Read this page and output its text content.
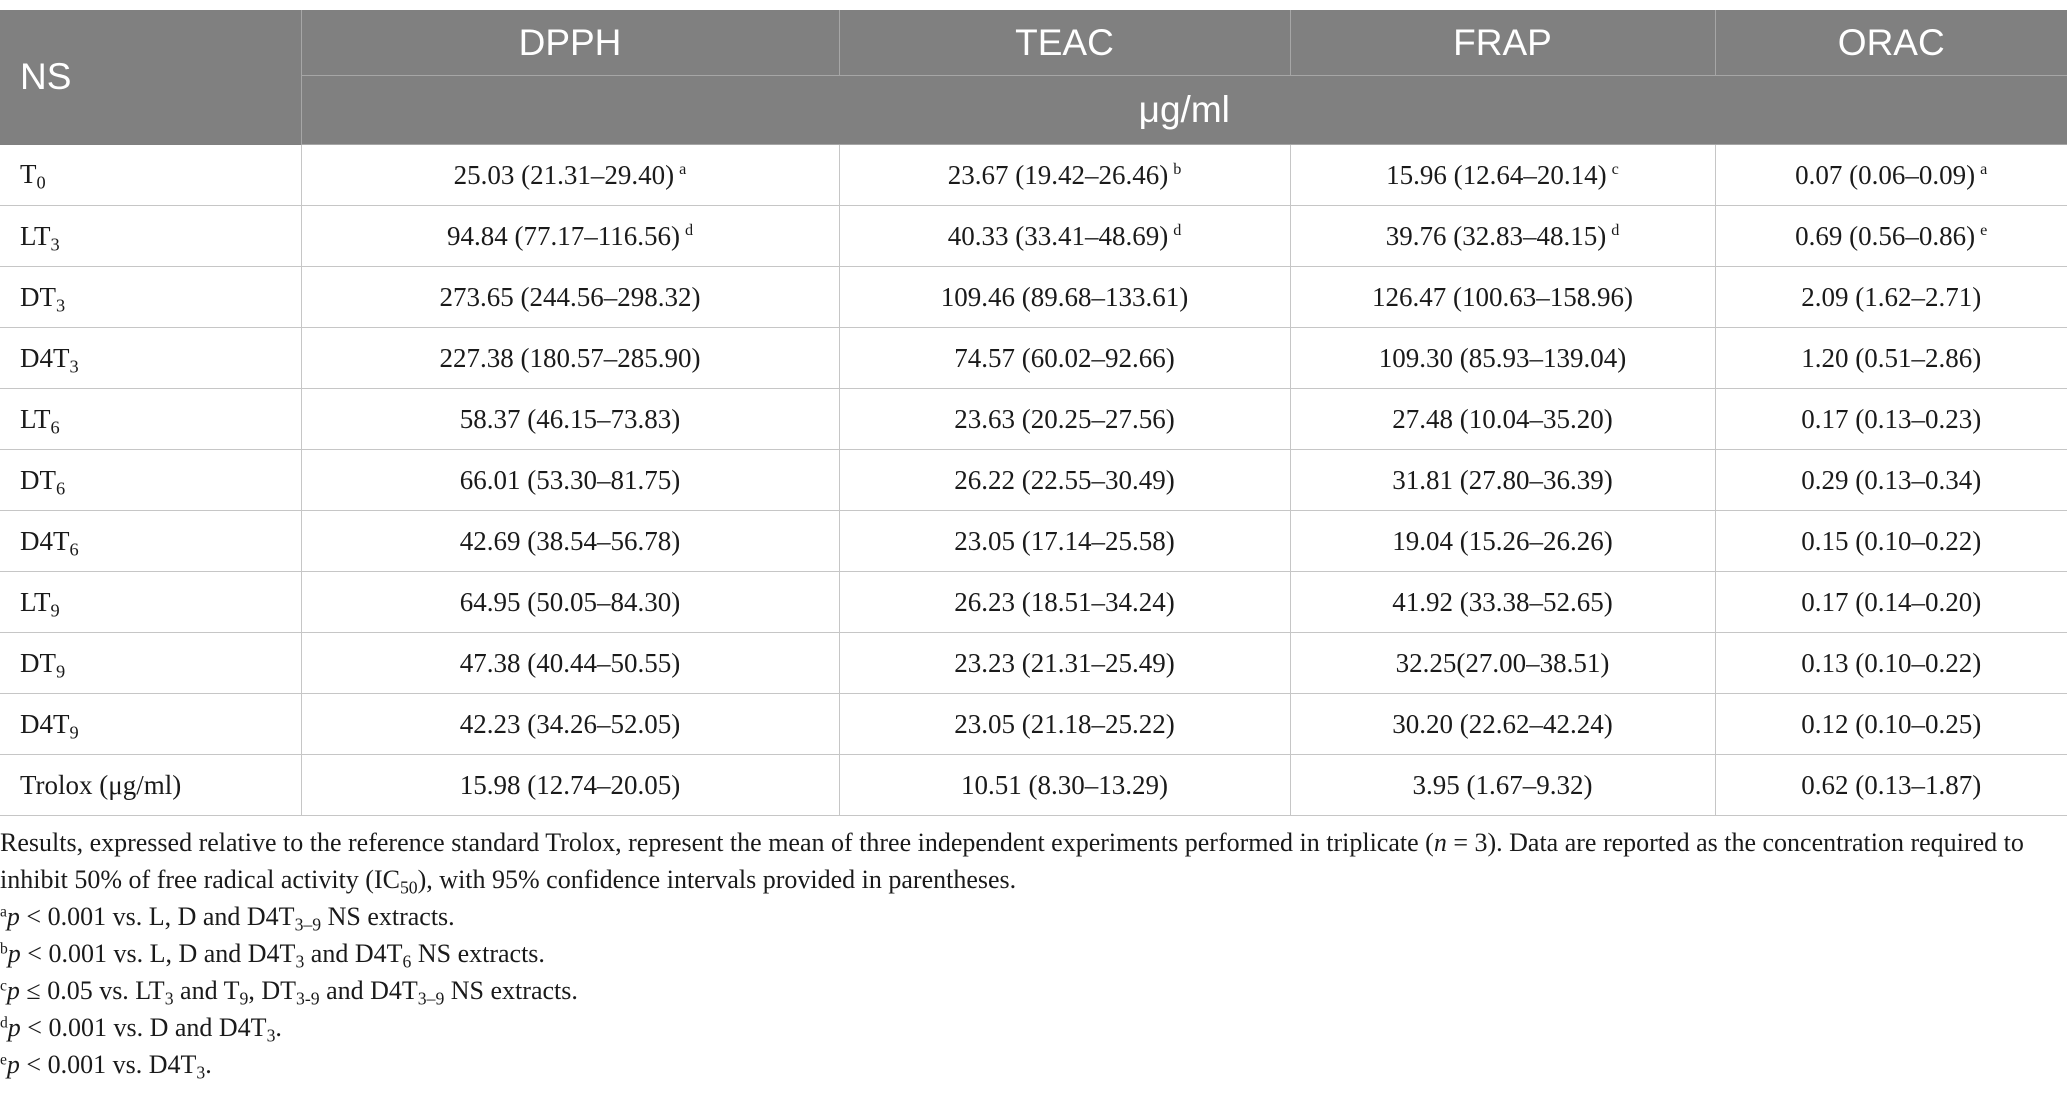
NS	DPPH	TEAC	FRAP	ORAC
	μg/ml			
$T_0$	25.03 (21.31–29.40) $^a$	23.67 (19.42–26.46) $^b$	15.96 (12.64–20.14) $^c$	0.07 (0.06–0.09) $^a$
$LT_3$	94.84 (77.17–116.56) $^d$	40.33 (33.41–48.69) $^d$	39.76 (32.83–48.15) $^d$	0.69 (0.56–0.86) $^e$
$DT_3$	273.65 (244.56–298.32)	109.46 (89.68–133.61)	126.47 (100.63–158.96)	2.09 (1.62–2.71)
$D4T_3$	227.38 (180.57–285.90)	74.57 (60.02–92.66)	109.30 (85.93–139.04)	1.20 (0.51–2.86)
$LT_6$	58.37 (46.15–73.83)	23.63 (20.25–27.56)	27.48 (10.04–35.20)	0.17 (0.13–0.23)
$DT_6$	66.01 (53.30–81.75)	26.22 (22.55–30.49)	31.81 (27.80–36.39)	0.29 (0.13–0.34)
$D4T_6$	42.69 (38.54–56.78)	23.05 (17.14–25.58)	19.04 (15.26–26.26)	0.15 (0.10–0.22)
$LT_9$	64.95 (50.05–84.30)	26.23 (18.51–34.24)	41.92 (33.38–52.65)	0.17 (0.14–0.20)
$DT_9$	47.38 (40.44–50.55)	23.23 (21.31–25.49)	32.25(27.00–38.51)	0.13 (0.10–0.22)
$D4T_9$	42.23 (34.26–52.05)	23.05 (21.18–25.22)	30.20 (22.62–42.24)	0.12 (0.10–0.25)
Trolox (μg/ml)	15.98 (12.74–20.05)	10.51 (8.30–13.29)	3.95 (1.67–9.32)	0.62 (0.13–1.87)

Results, expressed relative to the reference standard Trolox, represent the mean of three independent experiments performed in triplicate (n = 3). Data are reported as the concentration required to inhibit 50% of free radical activity $(IC_{50})$, with 95% confidence intervals provided in parentheses.

$^a$p < 0.001 vs. L, D and $D4T_{3-9}$ NS extracts.

$^b$p < 0.001 vs. L, D and $D4T_3$ and $D4T_6$ NS extracts.

$^c$p ≤ 0.05 vs. $LT_3$ and $T_9$, $DT_{3-9}$ and $D4T_{3-9}$ NS extracts.

$^d$p < 0.001 vs. D and $D4T_3$.

$^e$p < 0.001 vs. $D4T_3$.
